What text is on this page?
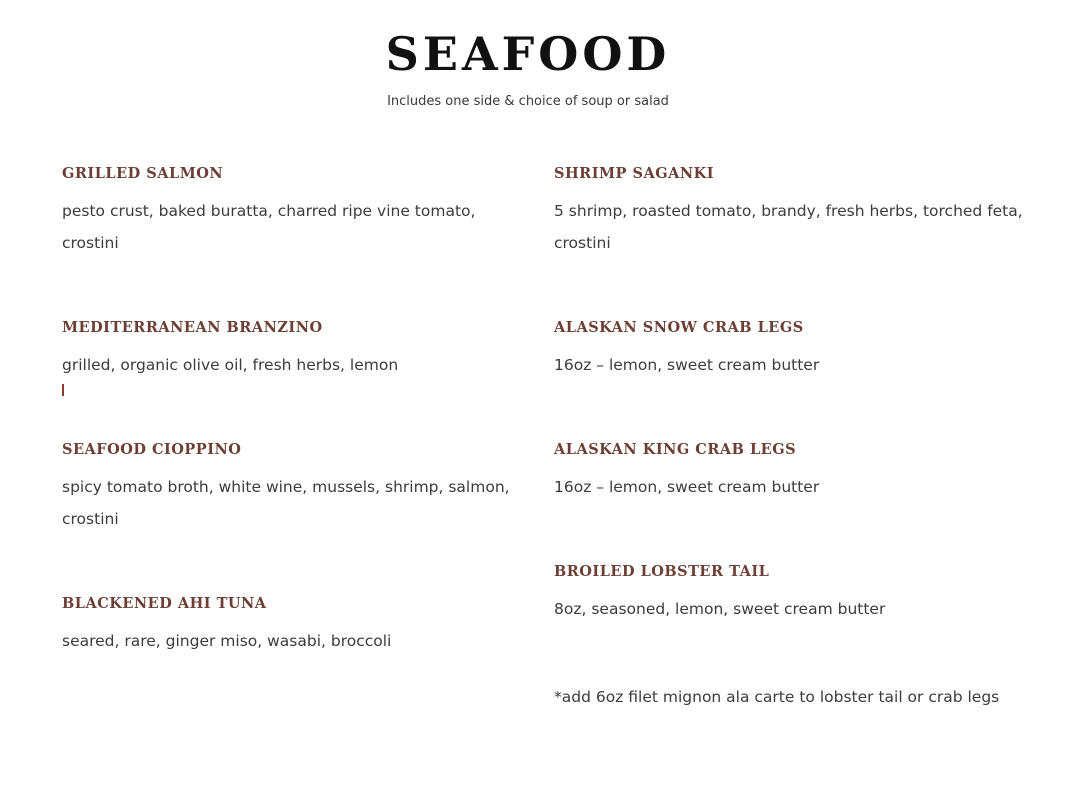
SEAFOOD

Includes one side & choice of soup or salad

GRILLED SALMON

pesto crust, baked buratta, charred ripe vine tomato, crostini

MEDITERRANEAN BRANZINO

grilled, organic olive oil, fresh herbs, lemon

SEAFOOD CIOPPINO

spicy tomato broth, white wine, mussels, shrimp, salmon, crostini

BLACKENED AHI TUNA

seared, rare, ginger miso, wasabi, broccoli

SHRIMP SAGANKI

5 shrimp, roasted tomato, brandy, fresh herbs, torched feta, crostini

ALASKAN SNOW CRAB LEGS

16oz – lemon, sweet cream butter

ALASKAN KING CRAB LEGS

16oz – lemon, sweet cream butter

BROILED LOBSTER TAIL

8oz, seasoned, lemon, sweet cream butter

*add 6oz filet mignon ala carte to lobster tail or crab legs
